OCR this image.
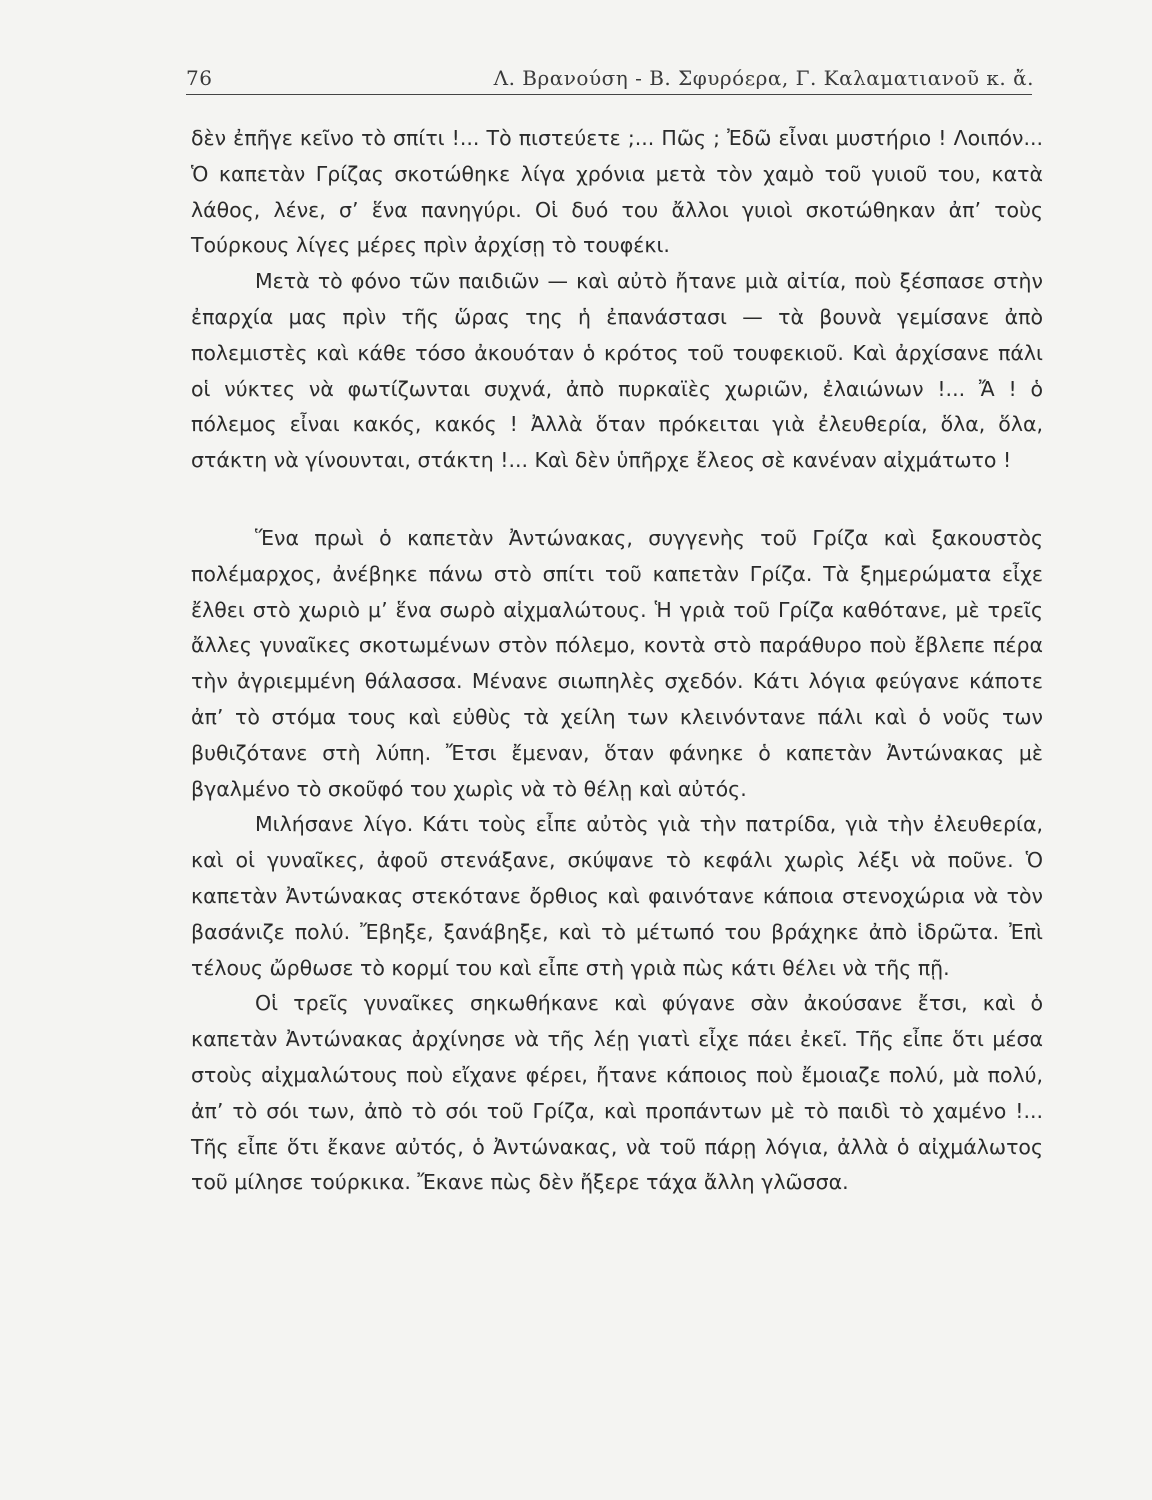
76	Λ. Βρανούση - Β. Σφυρόερα, Γ. Καλαματιανοῦ κ. ἄ.

δὲν ἐπῆγε κεῖνο τὸ σπίτι !... Τὸ πιστεύετε ;... Πῶς ; Ἐδῶ εἶναι μυστήριο ! Λοιπόν... Ὁ καπετὰν Γρίζας σκοτώθηκε λίγα χρόνια μετὰ τὸν χαμὸ τοῦ γυιοῦ του, κατὰ λάθος, λένε, σ’ ἕνα πανηγύρι. Οἱ δυό του ἄλλοι γυιοὶ σκοτώθηκαν ἀπ’ τοὺς Τούρκους λίγες μέρες πρὶν ἀρχίσῃ τὸ τουφέκι.

Μετὰ τὸ φόνο τῶν παιδιῶν — καὶ αὐτὸ ἤτανε μιὰ αἰτία, ποὺ ξέσπασε στὴν ἐπαρχία μας πρὶν τῆς ὥρας της ἡ ἐπανάστασι — τὰ βουνὰ γεμίσανε ἀπὸ πολεμιστὲς καὶ κάθε τόσο ἀκουόταν ὁ κρότος τοῦ τουφεκιοῦ. Καὶ ἀρχίσανε πάλι οἱ νύκτες νὰ φωτίζωνται συχνά, ἀπὸ πυρκαϊὲς χωριῶν, ἐλαιώνων !... Ἄ ! ὁ πόλεμος εἶναι κακός, κακός ! Ἀλλὰ ὅταν πρόκειται γιὰ ἐλευθερία, ὅλα, ὅλα, στάκτη νὰ γίνουνται, στάκτη !... Καὶ δὲν ὑπῆρχε ἔλεος σὲ κανέναν αἰχμάτωτο !

Ἕνα πρωὶ ὁ καπετὰν Ἀντώνακας, συγγενὴς τοῦ Γρίζα καὶ ξακουστὸς πολέμαρχος, ἀνέβηκε πάνω στὸ σπίτι τοῦ καπετὰν Γρίζα. Τὰ ξημερώματα εἶχε ἔλθει στὸ χωριὸ μ’ ἕνα σωρὸ αἰχμαλώτους. Ἡ γριὰ τοῦ Γρίζα καθότανε, μὲ τρεῖς ἄλλες γυναῖκες σκοτωμένων στὸν πόλεμο, κοντὰ στὸ παράθυρο ποὺ ἔβλεπε πέρα τὴν ἀγριεμμένη θάλασσα. Μένανε σιωπηλὲς σχεδόν. Κάτι λόγια φεύγανε κάποτε ἀπ’ τὸ στόμα τους καὶ εὐθὺς τὰ χείλη των κλεινόντανε πάλι καὶ ὁ νοῦς των βυθιζότανε στὴ λύπη. Ἔτσι ἔμεναν, ὅταν φάνηκε ὁ καπετὰν Ἀντώνακας μὲ βγαλμένο τὸ σκοῦφό του χωρὶς νὰ τὸ θέλῃ καὶ αὐτός.

Μιλήσανε λίγο. Κάτι τοὺς εἶπε αὐτὸς γιὰ τὴν πατρίδα, γιὰ τὴν ἐλευθερία, καὶ οἱ γυναῖκες, ἀφοῦ στενάξανε, σκύψανε τὸ κεφάλι χωρὶς λέξι νὰ ποῦνε. Ὁ καπετὰν Ἀντώνακας στεκότανε ὄρθιος καὶ φαινότανε κάποια στενοχώρια νὰ τὸν βασάνιζε πολύ. Ἔβηξε, ξανάβηξε, καὶ τὸ μέτωπό του βράχηκε ἀπὸ ἱδρῶτα. Ἐπὶ τέλους ὤρθωσε τὸ κορμί του καὶ εἶπε στὴ γριὰ πὼς κάτι θέλει νὰ τῆς πῇ.

Οἱ τρεῖς γυναῖκες σηκωθήκανε καὶ φύγανε σὰν ἀκούσανε ἔτσι, καὶ ὁ καπετὰν Ἀντώνακας ἀρχίνησε νὰ τῆς λέῃ γιατὶ εἶχε πάει ἐκεῖ. Τῆς εἶπε ὅτι μέσα στοὺς αἰχμαλώτους ποὺ εἴχανε φέρει, ἤτανε κάποιος ποὺ ἔμοιαζε πολύ, μὰ πολύ, ἀπ’ τὸ σόι των, ἀπὸ τὸ σόι τοῦ Γρίζα, καὶ προπάντων μὲ τὸ παιδὶ τὸ χαμένο !... Τῆς εἶπε ὅτι ἔκανε αὐτός, ὁ Ἀντώνακας, νὰ τοῦ πάρῃ λόγια, ἀλλὰ ὁ αἰχμάλωτος τοῦ μίλησε τούρκικα. Ἔκανε πὼς δὲν ἤξερε τάχα ἄλλη γλῶσσα.
